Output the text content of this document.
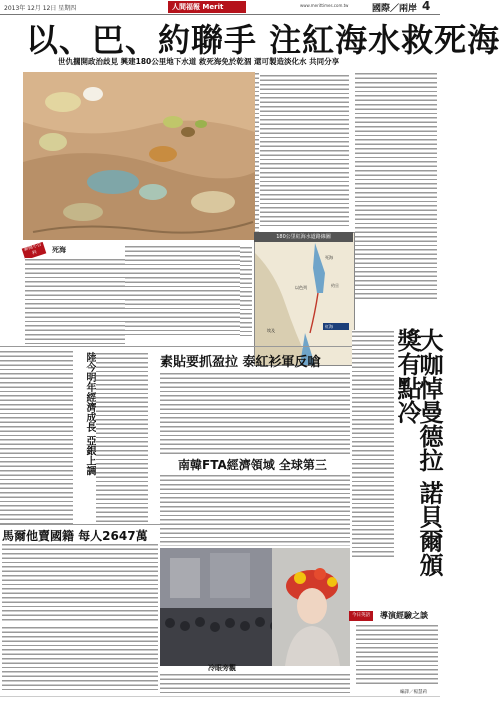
2013年 12月 12日 星期四	人間福報 Merit Times
www.merittimes.com.tw	國際／兩岸 4
以、巴、約聯手 注紅海水救死海
世仇擱開政治歧見 興建180公里地下水道 救死海免於乾涸 還可製造淡化水 共同分享
死海
紅海
約旦
以色列
埃及
180公里紅海水道路線圖
新聞小百科	死海
陸今明年經濟成長 亞銀上調	素貼要抓盈拉 泰紅衫軍反嗆
南韓FTA經濟領域 全球第三	大咖悼曼德拉 諾貝爾頒獎有點冷
馬爾他賣國籍 每人2647萬
冷眼旁觀
今日英語	導演經驗之談
編譯／楊慧莉
